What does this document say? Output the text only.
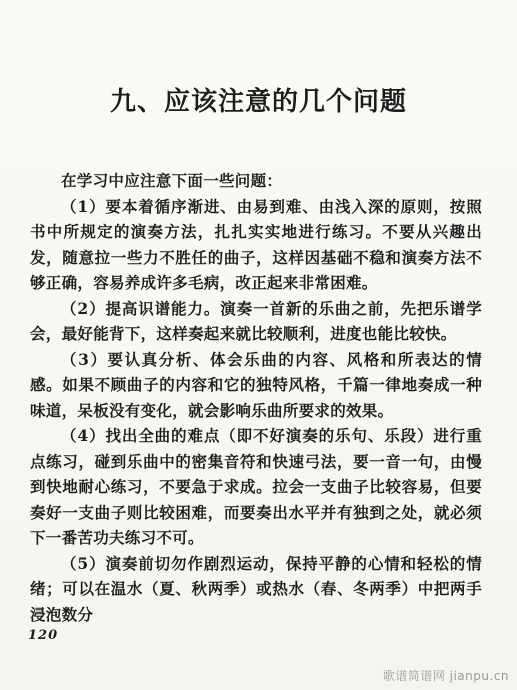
九、应该注意的几个问题

在学习中应注意下面一些问题：

（1）要本着循序渐进、由易到难、由浅入深的原则，按照书中所规定的演奏方法，扎扎实实地进行练习。不要从兴趣出发，随意拉一些力不胜任的曲子，这样因基础不稳和演奏方法不够正确，容易养成许多毛病，改正起来非常困难。

（2）提高识谱能力。演奏一首新的乐曲之前，先把乐谱学会，最好能背下，这样奏起来就比较顺利，进度也能比较快。

（3）要认真分析、体会乐曲的内容、风格和所表达的情感。如果不顾曲子的内容和它的独特风格，千篇一律地奏成一种味道，呆板没有变化，就会影响乐曲所要求的效果。

（4）找出全曲的难点（即不好演奏的乐句、乐段）进行重点练习，碰到乐曲中的密集音符和快速弓法，要一音一句，由慢到快地耐心练习，不要急于求成。拉会一支曲子比较容易，但要奏好一支曲子则比较困难，而要奏出水平并有独到之处，就必须下一番苦功夫练习不可。

（5）演奏前切勿作剧烈运动，保持平静的心情和轻松的情绪；可以在温水（夏、秋两季）或热水（春、冬两季）中把两手浸泡数分

120
歌谱简谱网 jianpu.cn
